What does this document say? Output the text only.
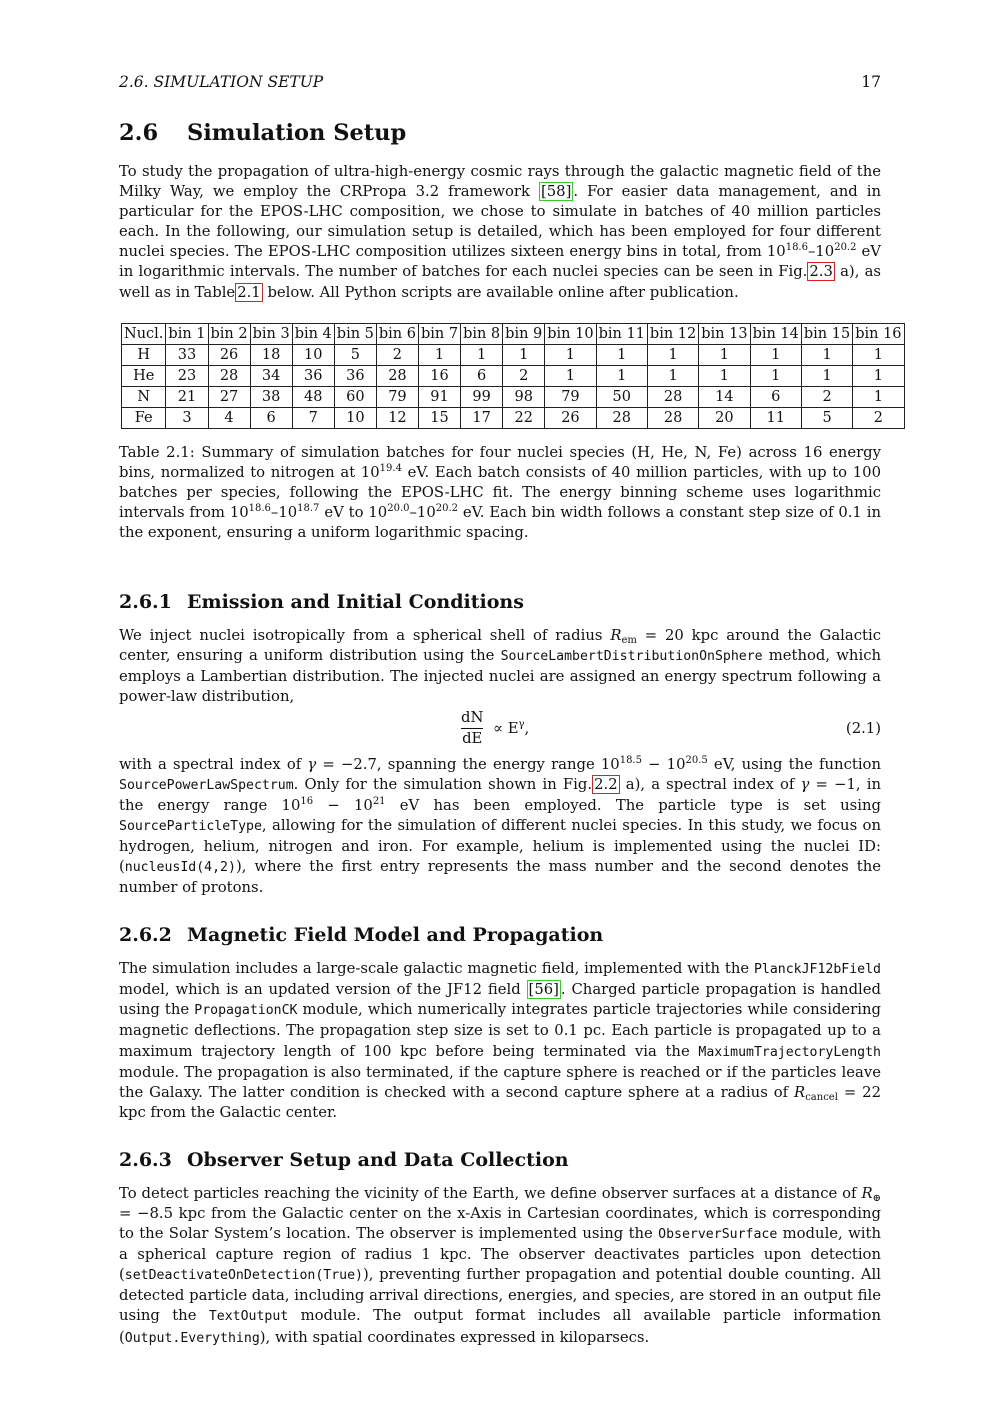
2.6. SIMULATION SETUP	17
2.6 Simulation Setup

To study the propagation of ultra-high-energy cosmic rays through the galactic magnetic field of the Milky Way, we employ the CRPropa 3.2 framework [58] . For easier data management, and in particular for the EPOS-LHC composition, we chose to simulate in batches of 40 million particles each. In the following, our simulation setup is detailed, which has been employed for four different nuclei species. The EPOS-LHC composition utilizes sixteen energy bins in total, from $10^{18.6}-10^{20.2}$ eV in logarithmic intervals. The number of batches for each nuclei species can be seen in Fig. 2.3 a), as well as in Table 2.1 below. All Python scripts are available online after publication.

Nucl.	bin 1	bin 2	bin 3	bin 4	bin 5	bin 6	bin 7	bin 8	bin 9	bin 10	bin 11	bin 12	bin 13	bin 14	bin 15	bin 16
H	33	26	18	10	5	2	1	1	1	1	1	1	1	1	1	1
He	23	28	34	36	36	28	16	6	2	1	1	1	1	1	1	1
N	21	27	38	48	60	79	91	99	98	79	50	28	14	6	2	1
Fe	3	4	6	7	10	12	15	17	22	26	28	28	20	11	5	2

Table 2.1: Summary of simulation batches for four nuclei species (H, He, N, Fe) across 16 energy bins, normalized to nitrogen at $10^{19.4}$ eV. Each batch consists of 40 million particles, with up to 100 batches per species, following the EPOS-LHC fit. The energy binning scheme uses logarithmic intervals from $10^{18.6}-10^{18.7}$ eV to $10^{20.0}-10^{20.2}$ eV. Each bin width follows a constant step size of 0.1 in the exponent, ensuring a uniform logarithmic spacing.

2.6.1 Emission and Initial Conditions

We inject nuclei isotropically from a spherical shell of radius $R_{em} = 20$ kpc around the Galactic center, ensuring a uniform distribution using the SourceLambertDistributionOnSphere method, which employs a Lambertian distribution. The injected nuclei are assigned an energy spectrum following a power-law distribution,

dN
dE
∝ $E^\gamma$,	(2.1)

with a spectral index of γ = −2.7, spanning the energy range $10^{18.5} - 10^{20.5}$ eV, using the function SourcePowerLawSpectrum. Only for the simulation shown in Fig. 2.2 a), a spectral index of γ = −1, in the energy range $10^{16} - 10^{21}$ eV has been employed. The particle type is set using SourceParticleType, allowing for the simulation of different nuclei species. In this study, we focus on hydrogen, helium, nitrogen and iron. For example, helium is implemented using the nuclei ID: (nucleusId(4,2)), where the first entry represents the mass number and the second denotes the number of protons.

2.6.2 Magnetic Field Model and Propagation

The simulation includes a large-scale galactic magnetic field, implemented with the PlanckJF12bField model, which is an updated version of the JF12 field [56] . Charged particle propagation is handled using the PropagationCK module, which numerically integrates particle trajectories while considering magnetic deflections. The propagation step size is set to 0.1 pc. Each particle is propagated up to a maximum trajectory length of 100 kpc before being terminated via the MaximumTrajectoryLength module. The propagation is also terminated, if the capture sphere is reached or if the particles leave the Galaxy. The latter condition is checked with a second capture sphere at a radius of $R_{cancel} = 22$ kpc from the Galactic center.

2.6.3 Observer Setup and Data Collection

To detect particles reaching the vicinity of the Earth, we define observer surfaces at a distance of $R_\oplus = -8.5$ kpc from the Galactic center on the x-Axis in Cartesian coordinates, which is corresponding to the Solar System’s location. The observer is implemented using the ObserverSurface module, with a spherical capture region of radius 1 kpc. The observer deactivates particles upon detection (setDeactivateOnDetection(True)), preventing further propagation and potential double counting. All detected particle data, including arrival directions, energies, and species, are stored in an output file using the TextOutput module. The output format includes all available particle information (Output.Everything), with spatial coordinates expressed in kiloparsecs.
